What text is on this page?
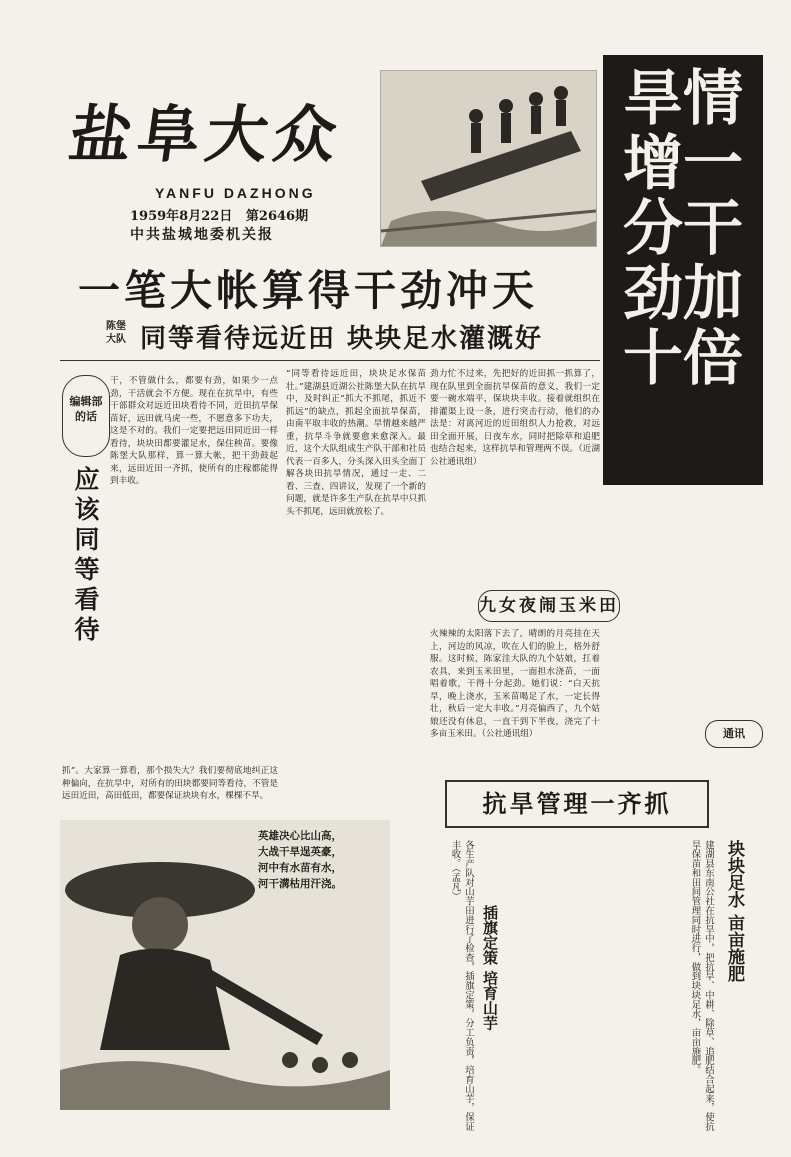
盐阜大众
YANFU DAZHONG
1959年8月22日 第2646期
中共盐城地委机关报
旱情增一分干劲加十倍
一笔大帐算得干劲冲天
陈堡大队 同等看待远近田 块块足水灌溉好
编辑部的话
应该同等看待
干，不管做什么，都要有劲，如果少一点劲，干活就会不方便。现在在抗旱中，有些干部群众对远近田块看待不同，近田抗旱保苗好，远田就马虎一些，不愿意多下功夫，这是不对的。我们一定要把远田同近田一样看待，块块田都要灌足水，保住秧苗。要像陈堡大队那样，算一算大帐，把干劲鼓起来，远田近田一齐抓，使所有的庄稼都能得到丰收。
抓”。大家算一算看，那个损失大？我们要彻底地纠正这种偏向，在抗旱中，对所有的田块都要同等看待，不管是远田近田，高田低田，都要保证块块有水，棵棵不旱。
“同等看待远近田，块块足水保苗壮。”建湖县近湖公社陈堡大队在抗旱中，及时纠正“抓大不抓尾，抓近不抓远”的缺点，抓起全面抗旱保苗，由南平取丰收的热潮。旱情越来越严重，抗旱斗争就要愈来愈深入。最近，这个大队组成生产队干部和社员代表一百多人，分头深入田头全面丁解各块田抗旱情况，通过一走、二看、三查、四讲议，发现了一个新的问题，就是许多生产队在抗旱中只抓头不抓尾，远田就放松了。
劲力忙不过来，先把好的近田抓一抓算了，现在队里到全面抗旱保苗的意义，我们一定要一碗水端平，保块块丰收。接着就组织在排灌渠上设一条，进行突击行动，他们的办法是：对离河近的近田组织人力抢救，对远田全面开展，日夜车水，同时把除草和追肥也结合起来，这样抗旱和管理两不误。（近湖公社通讯组）
九女夜闹玉米田
火辣辣的太阳落下去了，晴朗的月亮挂在天上，河边的风凉，吹在人们的脸上，格外舒服。这时候，陈家洼大队的九个姑娘，扛着农具，来到玉米田里，一面担水浇苗，一面唱着歌，干得十分起劲。她们说：“白天抗旱，晚上浇水，玉米苗喝足了水，一定长得壮，秋后一定大丰收。”月亮偏西了，九个姑娘还没有休息，一直干到下半夜，浇完了十多亩玉米田。（公社通讯组）	通讯
抗旱管理一齐抓
块块足水 亩亩施肥
建湖县东南公社在抗旱中，把抗旱、中耕、除草、追肥结合起来，使抗旱保苗和田间管理同时进行，做到块块足水，亩亩施肥。
插旗定策 培育山芋
各生产队对山芋田进行了检查，插旗定策，分工负责，培育山芋，保证丰收。（孟凡）
英雄决心比山高，
大战干旱逞英豪，
河中有水苗有水，
河干溝枯用汗浇。
